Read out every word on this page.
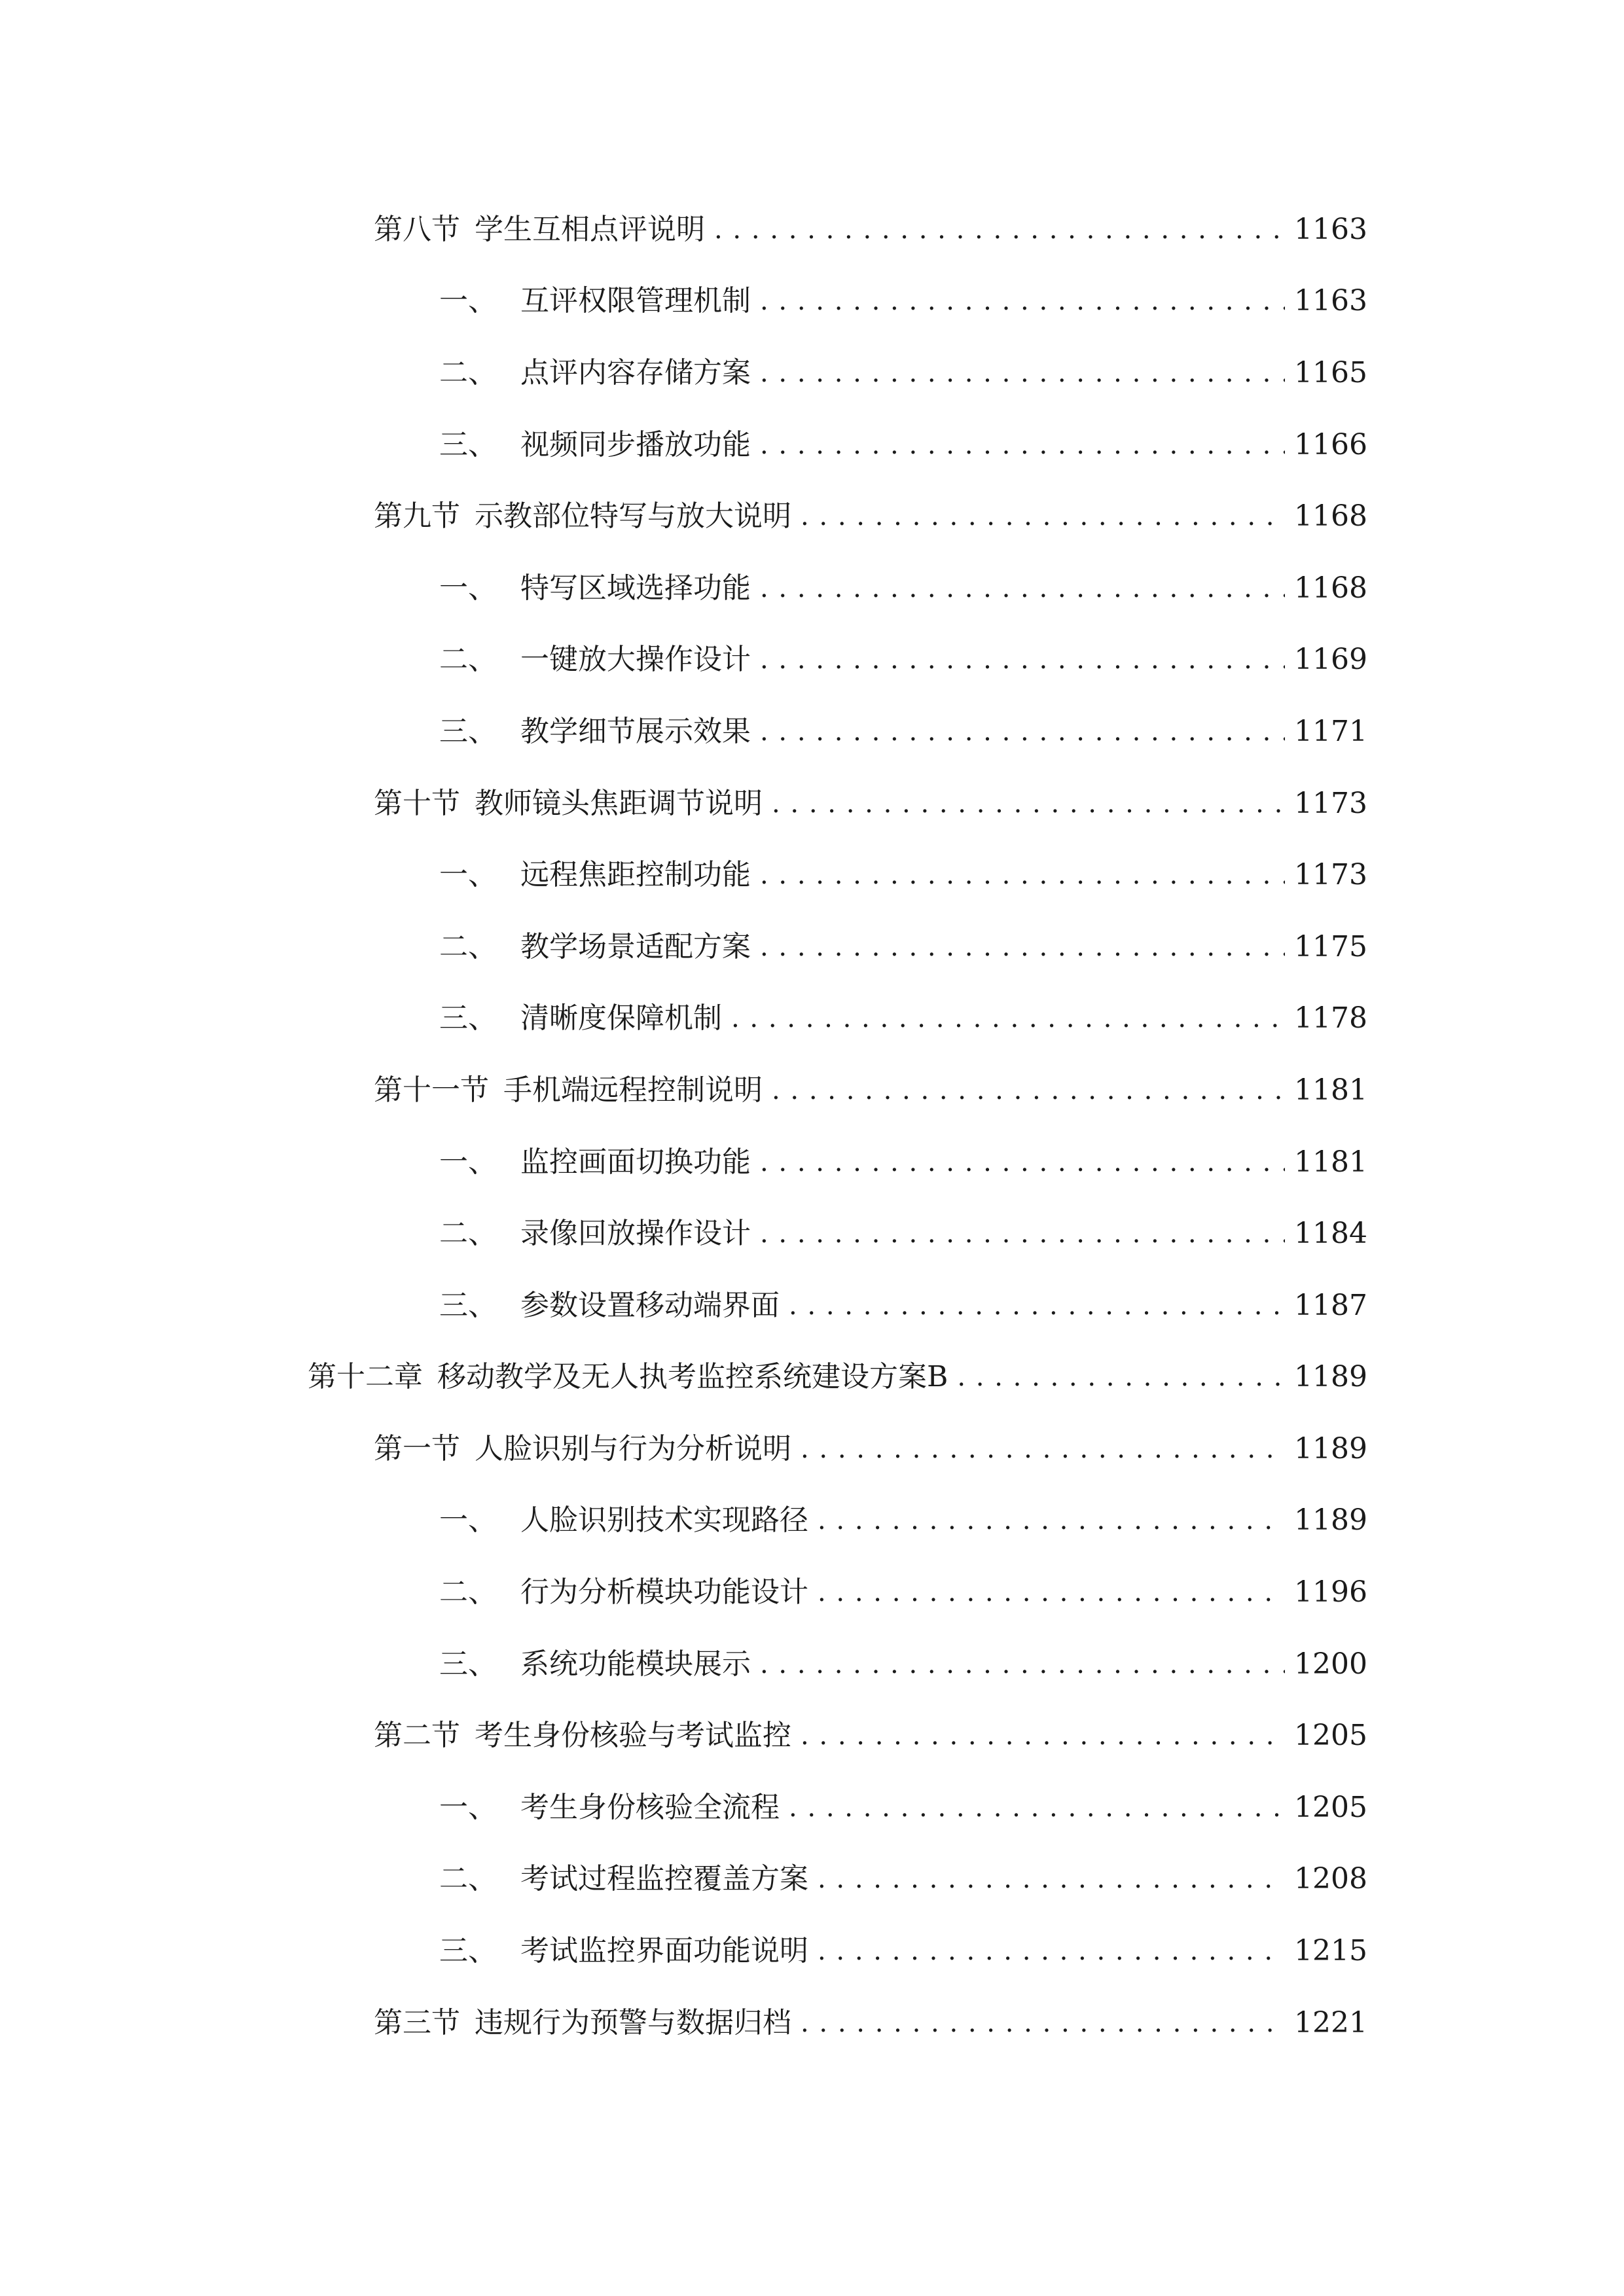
第八节 学生互相点评说明 . . .	1163
一、 互评权限管理机制 . . .	1163
二、 点评内容存储方案 . . .	1165
三、 视频同步播放功能 . . .	1166
第九节 示教部位特写与放大说明 . . .	1168
一、 特写区域选择功能 . . .	1168
二、 一键放大操作设计 . . .	1169
三、 教学细节展示效果 . . .	1171
第十节 教师镜头焦距调节说明 . . .	1173
一、 远程焦距控制功能 . . .	1173
二、 教学场景适配方案 . . .	1175
三、 清晰度保障机制 . . .	1178
第十一节 手机端远程控制说明 . . .	1181
一、 监控画面切换功能 . . .	1181
二、 录像回放操作设计 . . .	1184
三、 参数设置移动端界面 . . .	1187
第十二章 移动教学及无人执考监控系统建设方案B . . .	1189
第一节 人脸识别与行为分析说明 . . .	1189
一、 人脸识别技术实现路径 . . .	1189
二、 行为分析模块功能设计 . . .	1196
三、 系统功能模块展示 . . .	1200
第二节 考生身份核验与考试监控 . . .	1205
一、 考生身份核验全流程 . . .	1205
二、 考试过程监控覆盖方案 . . .	1208
三、 考试监控界面功能说明 . . .	1215
第三节 违规行为预警与数据归档 . . .	1221
